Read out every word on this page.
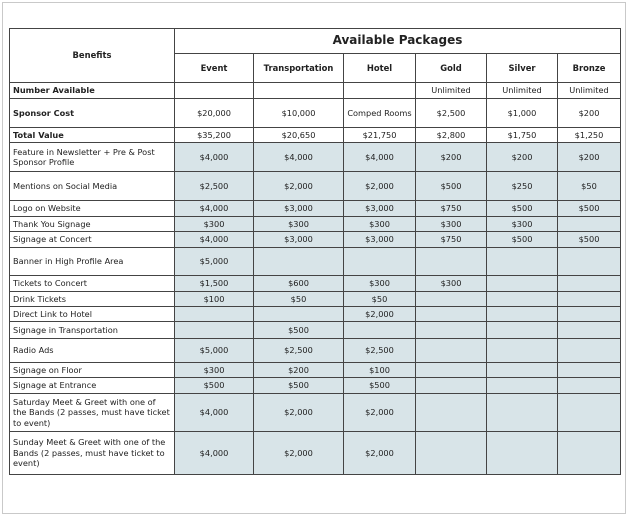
Benefits	Available Packages					
	Event	Transportation	Hotel	Gold	Silver	Bronze
Number Available				Unlimited	Unlimited	Unlimited
Sponsor Cost	$20,000	$10,000	Comped Rooms	$2,500	$1,000	$200
Total Value	$35,200	$20,650	$21,750	$2,800	$1,750	$1,250
Feature in Newsletter + Pre & Post Sponsor Profile	$4,000	$4,000	$4,000	$200	$200	$200
Mentions on Social Media	$2,500	$2,000	$2,000	$500	$250	$50
Logo on Website	$4,000	$3,000	$3,000	$750	$500	$500
Thank You Signage	$300	$300	$300	$300	$300	
Signage at Concert	$4,000	$3,000	$3,000	$750	$500	$500
Banner in High Profile Area	$5,000					
Tickets to Concert	$1,500	$600	$300	$300		
Drink Tickets	$100	$50	$50			
Direct Link to Hotel			$2,000			
Signage in Transportation		$500				
Radio Ads	$5,000	$2,500	$2,500			
Signage on Floor	$300	$200	$100			
Signage at Entrance	$500	$500	$500			
Saturday Meet & Greet with one of the Bands (2 passes, must have ticket to event)	$4,000	$2,000	$2,000			
Sunday Meet & Greet with one of the Bands (2 passes, must have ticket to event)	$4,000	$2,000	$2,000			
